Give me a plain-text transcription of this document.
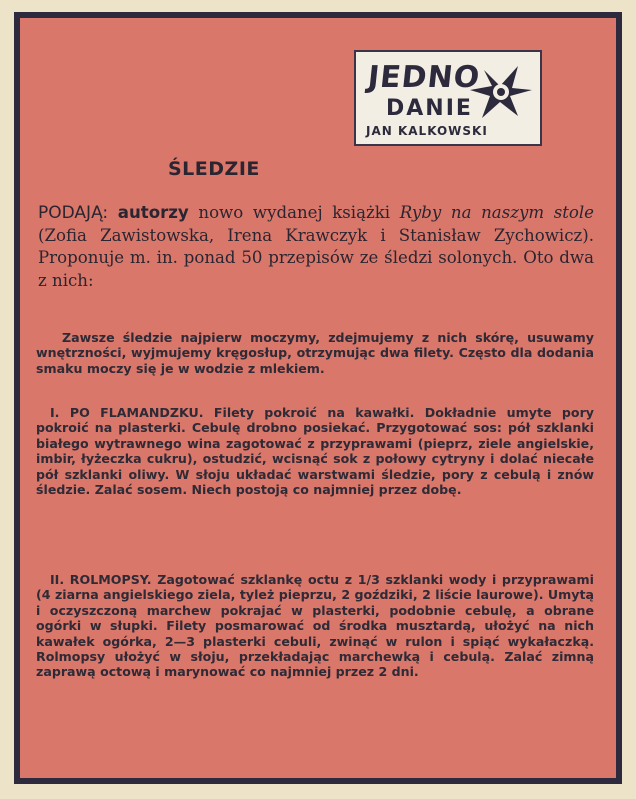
JEDNO
DANIE
JAN KALKOWSKI
ŚLEDZIE
PODAJĄ: autorzy nowo wydanej książki Ryby na naszym stole (Zofia Zawistowska, Irena Krawczyk i Stanisław Zychowicz). Proponuje m. in. ponad 50 przepisów ze śledzi solonych. Oto dwa z nich:
Zawsze śledzie najpierw moczymy, zdejmujemy z nich skórę, usuwamy wnętrzności, wyjmujemy kręgosłup, otrzymując dwa filety. Często dla dodania smaku moczy się je w wodzie z mlekiem.
I. PO FLAMANDZKU. Filety pokroić na kawałki. Dokładnie umyte pory pokroić na plasterki. Cebulę drobno posiekać. Przygotować sos: pół szklanki białego wytrawnego wina zagotować z przyprawami (pieprz, ziele angielskie, imbir, łyżeczka cukru), ostudzić, wcisnąć sok z połowy cytryny i dolać niecałe pół szklanki oliwy. W słoju układać warstwami śledzie, pory z cebulą i znów śledzie. Zalać sosem. Niech postoją co najmniej przez dobę.
II. ROLMOPSY. Zagotować szklankę octu z 1/3 szklanki wody i przyprawami (4 ziarna angielskiego ziela, tyleż pieprzu, 2 goździki, 2 liście laurowe). Umytą i oczyszczoną marchew pokrajać w plasterki, podobnie cebulę, a obrane ogórki w słupki. Filety posmarować od środka musztardą, ułożyć na nich kawałek ogórka, 2—3 plasterki cebuli, zwinąć w rulon i spiąć wykałaczką. Rolmopsy ułożyć w słoju, przekładając marchewką i cebulą. Zalać zimną zaprawą octową i marynować co najmniej przez 2 dni.
